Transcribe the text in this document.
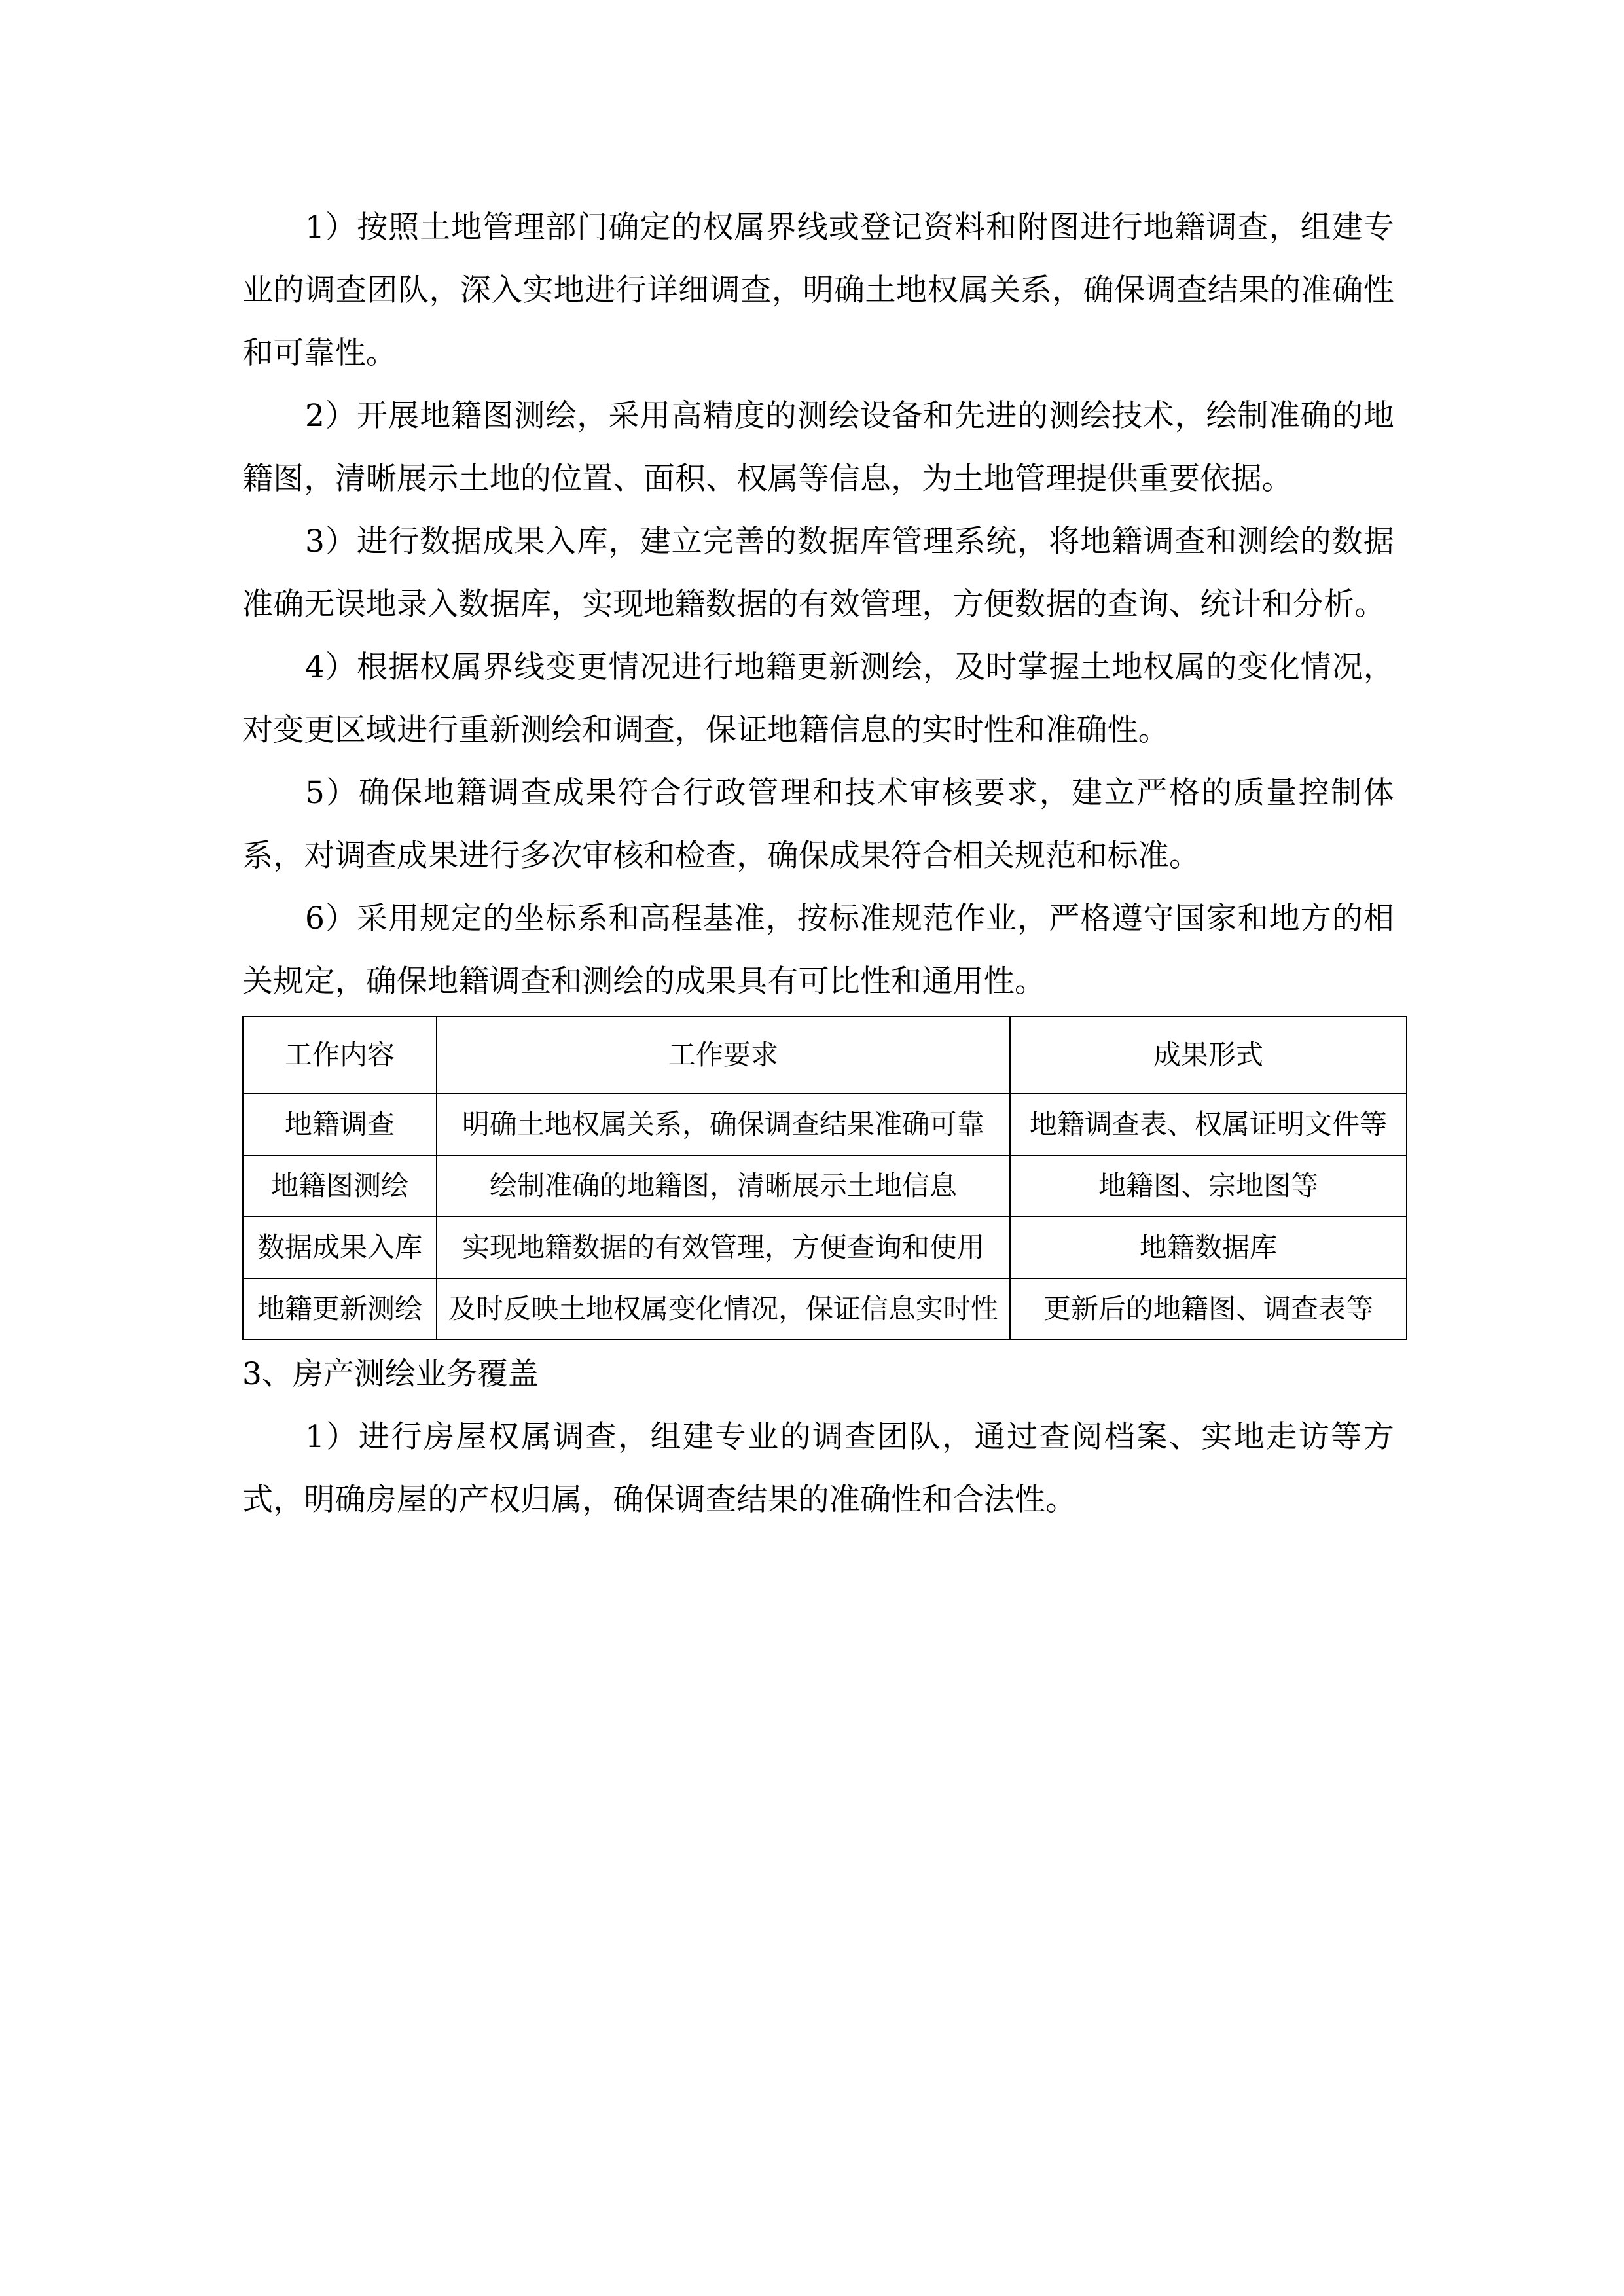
1）按照土地管理部门确定的权属界线或登记资料和附图进行地籍调查，组建专业的调查团队，深入实地进行详细调查，明确土地权属关系，确保调查结果的准确性和可靠性。

2）开展地籍图测绘，采用高精度的测绘设备和先进的测绘技术，绘制准确的地籍图，清晰展示土地的位置、面积、权属等信息，为土地管理提供重要依据。

3）进行数据成果入库，建立完善的数据库管理系统，将地籍调查和测绘的数据准确无误地录入数据库，实现地籍数据的有效管理，方便数据的查询、统计和分析。

4）根据权属界线变更情况进行地籍更新测绘，及时掌握土地权属的变化情况，对变更区域进行重新测绘和调查，保证地籍信息的实时性和准确性。

5）确保地籍调查成果符合行政管理和技术审核要求，建立严格的质量控制体系，对调查成果进行多次审核和检查，确保成果符合相关规范和标准。

6）采用规定的坐标系和高程基准，按标准规范作业，严格遵守国家和地方的相关规定，确保地籍调查和测绘的成果具有可比性和通用性。

工作内容	工作要求	成果形式
地籍调查	明确土地权属关系，确保调查结果准确可靠	地籍调查表、权属证明文件等
地籍图测绘	绘制准确的地籍图，清晰展示土地信息	地籍图、宗地图等
数据成果入库	实现地籍数据的有效管理，方便查询和使用	地籍数据库
地籍更新测绘	及时反映土地权属变化情况，保证信息实时性	更新后的地籍图、调查表等

3、房产测绘业务覆盖

1）进行房屋权属调查，组建专业的调查团队，通过查阅档案、实地走访等方式，明确房屋的产权归属，确保调查结果的准确性和合法性。
